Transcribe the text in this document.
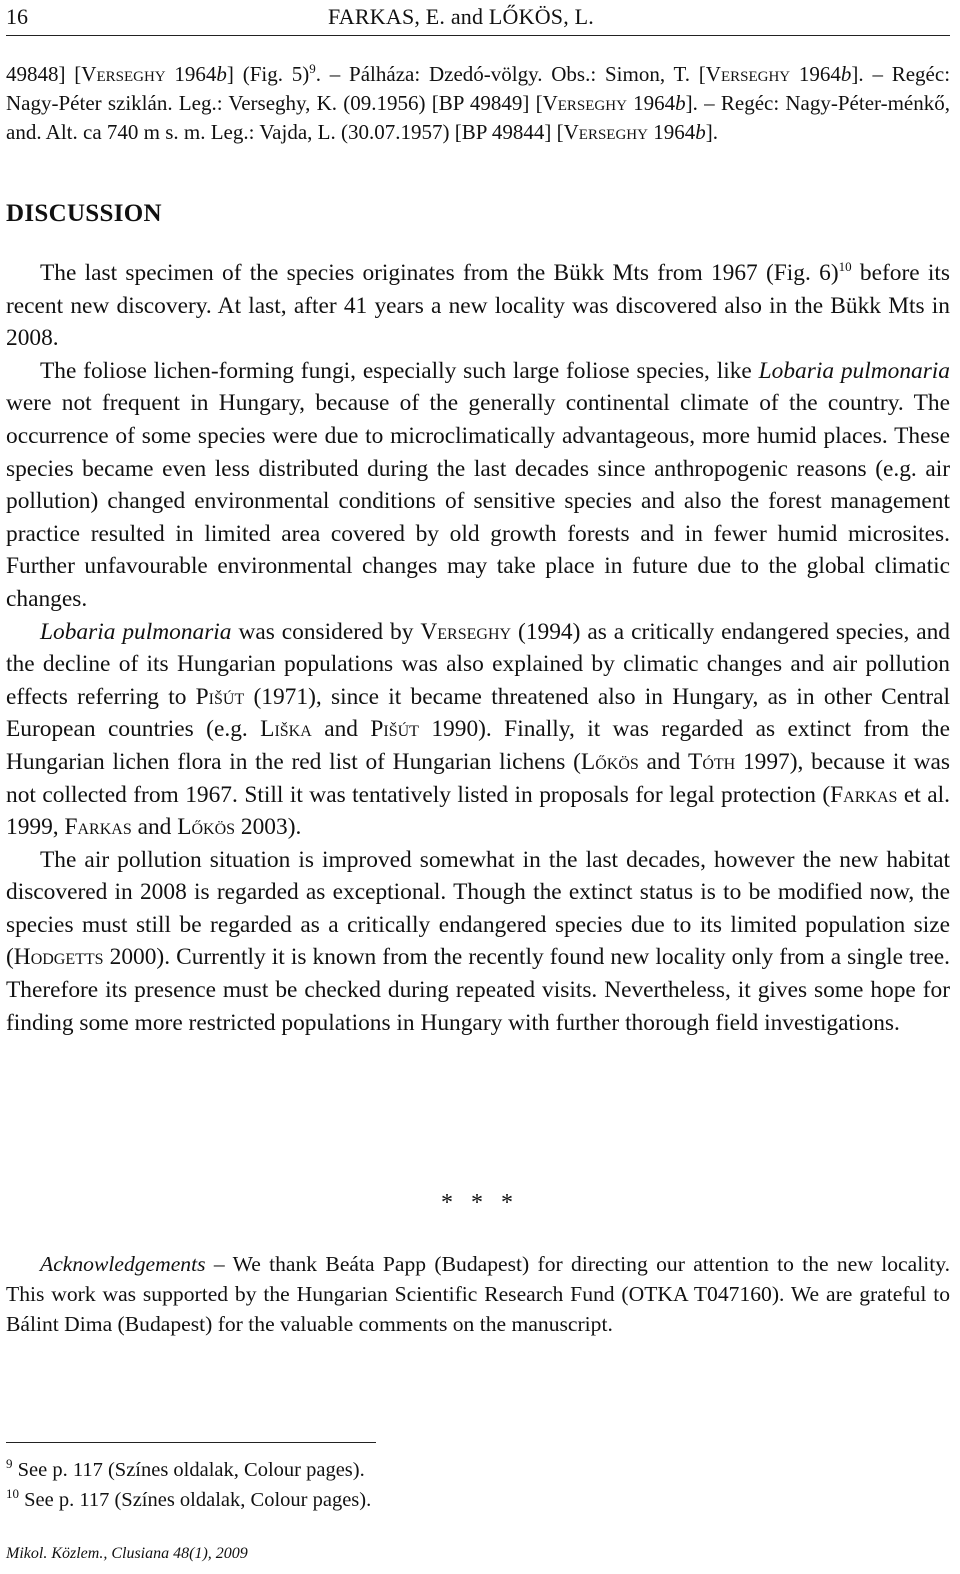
16	FARKAS, E. and LŐKÖS, L.
49848] [Verseghy 1964b] (Fig. 5)$^9$. – Pálháza: Dzedó-völgy. Obs.: Simon, T. [Verseghy 1964b]. – Regéc: Nagy-Péter sziklán. Leg.: Verseghy, K. (09.1956) [BP 49849] [Verseghy 1964b]. – Regéc: Nagy-Péter-ménkő, and. Alt. ca 740 m s. m. Leg.: Vajda, L. (30.07.1957) [BP 49844] [Verseghy 1964b].
DISCUSSION

The last specimen of the species originates from the Bükk Mts from 1967 (Fig. 6)$^{10}$ before its recent new discovery. At last, after 41 years a new locality was discovered also in the Bükk Mts in 2008.

The foliose lichen-forming fungi, especially such large foliose species, like Lobaria pulmonaria were not frequent in Hungary, because of the generally continental climate of the country. The occurrence of some species were due to microclimatically advantageous, more humid places. These species became even less distributed during the last decades since anthropogenic reasons (e.g. air pollution) changed environmental conditions of sensitive species and also the forest management practice resulted in limited area covered by old growth forests and in fewer humid microsites. Further unfavourable environmental changes may take place in future due to the global climatic changes.

Lobaria pulmonaria was considered by Verseghy (1994) as a critically endangered species, and the decline of its Hungarian populations was also explained by climatic changes and air pollution effects referring to Pišút (1971), since it became threatened also in Hungary, as in other Central European countries (e.g. Liška and Pišút 1990). Finally, it was regarded as extinct from the Hungarian lichen flora in the red list of Hungarian lichens (Lőkös and Tóth 1997), because it was not collected from 1967. Still it was tentatively listed in proposals for legal protection (Farkas et al. 1999, Farkas and Lőkös 2003).

The air pollution situation is improved somewhat in the last decades, however the new habitat discovered in 2008 is regarded as exceptional. Though the extinct status is to be modified now, the species must still be regarded as a critically endangered species due to its limited population size (Hodgetts 2000). Currently it is known from the recently found new locality only from a single tree. Therefore its presence must be checked during repeated visits. Nevertheless, it gives some hope for finding some more restricted populations in Hungary with further thorough field investigations.

* * *
Acknowledgements – We thank Beáta Papp (Budapest) for directing our attention to the new locality. This work was supported by the Hungarian Scientific Research Fund (OTKA T047160). We are grateful to Bálint Dima (Budapest) for the valuable comments on the manuscript.
$^9$ See p. 117 (Színes oldalak, Colour pages).
$^{10}$ See p. 117 (Színes oldalak, Colour pages).
Mikol. Közlem., Clusiana 48(1), 2009
